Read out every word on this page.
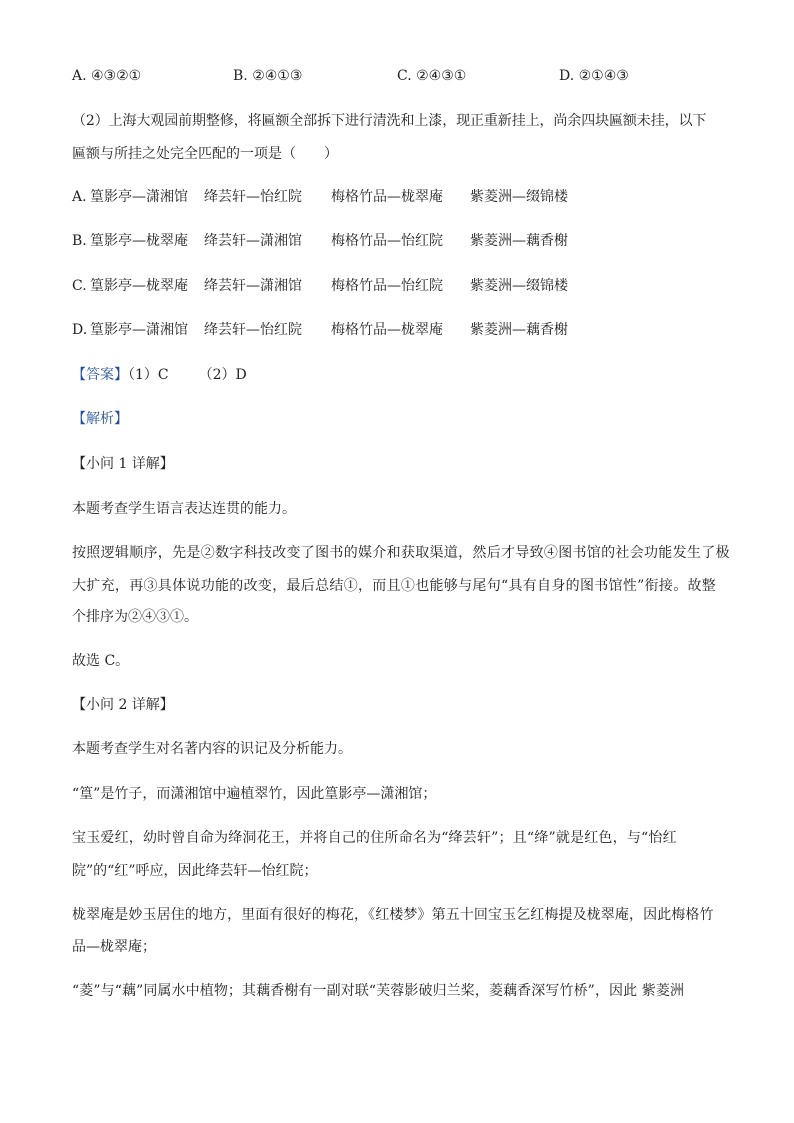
A. ④③②①	B. ②④①③	C. ②④③①	D. ②①④③
（2）上海大观园前期整修，将匾额全部拆下进行清洗和上漆，现正重新挂上，尚余四块匾额未挂，以下
匾额与所挂之处完全匹配的一项是（　　）
A. 篁影亭—潇湘馆 绛芸轩—怡红院 梅格竹品—栊翠庵 紫菱洲—缀锦楼
B. 篁影亭—栊翠庵 绛芸轩—潇湘馆 梅格竹品—怡红院 紫菱洲—藕香榭
C. 篁影亭—栊翠庵 绛芸轩—潇湘馆 梅格竹品—怡红院 紫菱洲—缀锦楼
D. 篁影亭—潇湘馆 绛芸轩—怡红院 梅格竹品—栊翠庵 紫菱洲—藕香榭
【答案】（1）C （2）D
【解析】
【小问 1 详解】
本题考查学生语言表达连贯的能力。
按照逻辑顺序，先是②数字科技改变了图书的媒介和获取渠道，然后才导致④图书馆的社会功能发生了极
大扩充，再③具体说功能的改变，最后总结①，而且①也能够与尾句“具有自身的图书馆性”衔接。故整
个排序为②④③①。
故选 C。
【小问 2 详解】
本题考查学生对名著内容的识记及分析能力。
“篁”是竹子，而潇湘馆中遍植翠竹，因此篁影亭—潇湘馆；
宝玉爱红，幼时曾自命为绛洞花王，并将自己的住所命名为“绛芸轩”；且“绛”就是红色，与“怡红
院”的“红”呼应，因此绛芸轩—怡红院；
栊翠庵是妙玉居住的地方，里面有很好的梅花，《红楼梦》第五十回宝玉乞红梅提及栊翠庵，因此梅格竹
品—栊翠庵；
“菱”与“藕”同属水中植物；其藕香榭有一副对联“芙蓉影破归兰桨，菱藕香深写竹桥”，因此 紫菱洲
